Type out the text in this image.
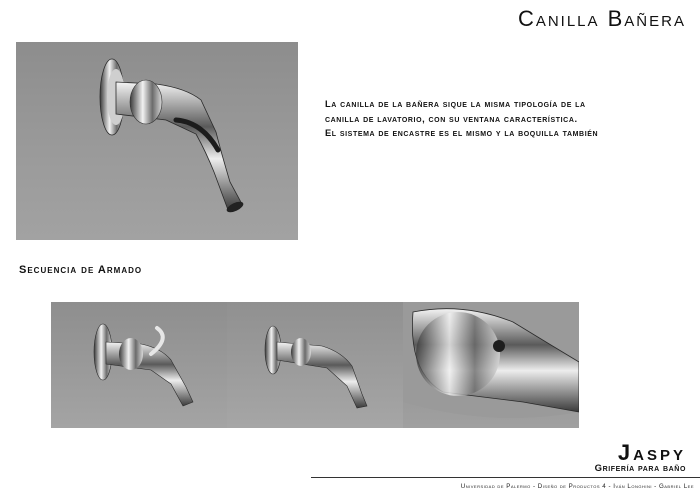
Canilla Bañera
La canilla de la bañera sique la misma tipología de la
canilla de lavatorio, con su ventana característica.
El sistema de encastre es el mismo y la boquilla también
Secuencia de Armado
Jaspy
Grifería para baño
Universidad de Palermo - Diseño de Productos 4 - Iván Longhini - Gabriel Lee
